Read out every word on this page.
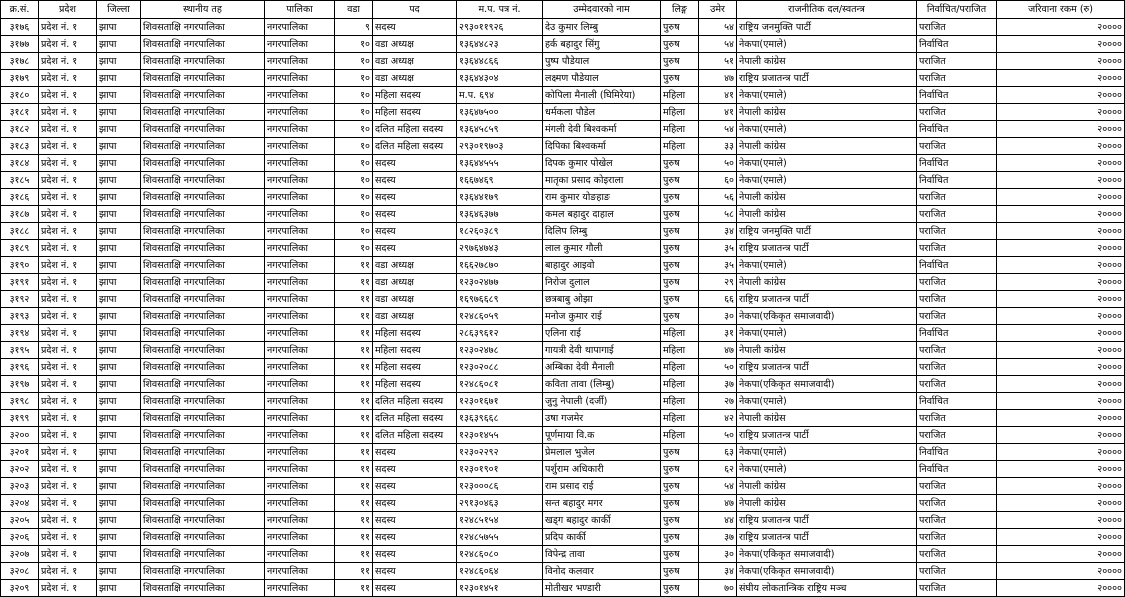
क्र.सं.	प्रदेश	जिल्ला	स्थानीय तह	पालिका	वडा	पद	म.प. पत्र नं.	उम्मेदवारको नाम	लिङ्ग	उमेर	राजनीतिक दल/स्वतन्त्र	निर्वाचित/पराजित	जरिवाना रकम (रु)
३१७६	प्रदेश नं. १	झापा	शिवसताक्षि नगरपालिका	नगरपालिका	९	सदस्य	२९३०११९२६	देउ कुमार लिम्बु	पुरुष	५४	राष्ट्रिय जनमुक्ति पार्टी	पराजित	२००००
३१७७	प्रदेश नं. १	झापा	शिवसताक्षि नगरपालिका	नगरपालिका	१०	वडा अध्यक्ष	१३६४४८२३	हर्क बहादुर सिंगु	पुरुष	५४	नेकपा(एमाले)	निर्वाचित	२००००
३१७८	प्रदेश नं. १	झापा	शिवसताक्षि नगरपालिका	नगरपालिका	१०	वडा अध्यक्ष	१३६४४८६६	पुष्प पौडेयाल	पुरुष	५१	नेपाली कांग्रेस	पराजित	२००००
३१७९	प्रदेश नं. १	झापा	शिवसताक्षि नगरपालिका	नगरपालिका	१०	वडा अध्यक्ष	१३६४४३०४	लक्ष्मण पौडेयाल	पुरुष	४७	राष्ट्रिय प्रजातन्त्र पार्टी	पराजित	२००००
३१८०	प्रदेश नं. १	झापा	शिवसताक्षि नगरपालिका	नगरपालिका	१०	महिला सदस्य	म.प. ६९४	कोपिला मैनाली (घिमिरेया)	महिला	४१	नेकपा(एमाले)	निर्वाचित	२००००
३१८१	प्रदेश नं. १	झापा	शिवसताक्षि नगरपालिका	नगरपालिका	१०	महिला सदस्य	१३६४७५००	धर्मकला पौडेल	महिला	४१	नेपाली कांग्रेस	पराजित	२००००
३१८२	प्रदेश नं. १	झापा	शिवसताक्षि नगरपालिका	नगरपालिका	१०	दलित महिला सदस्य	१३६४५८५९	मंगली देवी बिश्वकर्मा	महिला	५४	नेकपा(एमाले)	निर्वाचित	२००००
३१८३	प्रदेश नं. १	झापा	शिवसताक्षि नगरपालिका	नगरपालिका	१०	दलित महिला सदस्य	२९३०१९७०३	दिपिका बिश्वकर्मा	महिला	३३	नेपाली कांग्रेस	पराजित	२००००
३१८४	प्रदेश नं. १	झापा	शिवसताक्षि नगरपालिका	नगरपालिका	१०	सदस्य	१३६४४५५५	दिपक कुमार पोखेल	पुरुष	५०	नेकपा(एमाले)	निर्वाचित	२००००
३१८५	प्रदेश नं. १	झापा	शिवसताक्षि नगरपालिका	नगरपालिका	१०	सदस्य	१६६७४६९	मातृका प्रसाद कोइराला	पुरुष	६०	नेकपा(एमाले)	निर्वाचित	२००००
३१८६	प्रदेश नं. १	झापा	शिवसताक्षि नगरपालिका	नगरपालिका	१०	सदस्य	१३६४४१७९	राम कुमार योङहाङ	पुरुष	५६	नेपाली कांग्रेस	पराजित	२००००
३१८७	प्रदेश नं. १	झापा	शिवसताक्षि नगरपालिका	नगरपालिका	१०	सदस्य	१३६४६३७७	कमल बहादुर दाहाल	पुरुष	५८	नेपाली कांग्रेस	पराजित	२००००
३१८८	प्रदेश नं. १	झापा	शिवसताक्षि नगरपालिका	नगरपालिका	१०	सदस्य	१८२६०३८९	दिलिप लिम्बु	पुरुष	३४	राष्ट्रिय जनमुक्ति पार्टी	पराजित	२००००
३१८९	प्रदेश नं. १	झापा	शिवसताक्षि नगरपालिका	नगरपालिका	१०	सदस्य	२९७६४७४३	लाल कुमार गौली	पुरुष	३५	राष्ट्रिय प्रजातन्त्र पार्टी	पराजित	२००००
३१९०	प्रदेश नं. १	झापा	शिवसताक्षि नगरपालिका	नगरपालिका	११	वडा अध्यक्ष	१६६२७८७०	बाहादुर आइवो	पुरुष	३५	नेकपा(एमाले)	निर्वाचित	२००००
३१९१	प्रदेश नं. १	झापा	शिवसताक्षि नगरपालिका	नगरपालिका	११	वडा अध्यक्ष	१२३०२४७७	निरोज दुलाल	पुरुष	२९	नेपाली कांग्रेस	पराजित	२००००
३१९२	प्रदेश नं. १	झापा	शिवसताक्षि नगरपालिका	नगरपालिका	११	वडा अध्यक्ष	१६९७६६८९	छत्रबाबु ओझा	पुरुष	६६	राष्ट्रिय प्रजातन्त्र पार्टी	पराजित	२००००
३१९३	प्रदेश नं. १	झापा	शिवसताक्षि नगरपालिका	नगरपालिका	११	वडा अध्यक्ष	१२४८६०५९	मनोज कुमार राई	पुरुष	३०	नेकपा(एकिकृत समाजवादी)	पराजित	२००००
३१९४	प्रदेश नं. १	झापा	शिवसताक्षि नगरपालिका	नगरपालिका	११	महिला सदस्य	२८६३९६१२	एलिना राई	महिला	३१	नेकपा(एमाले)	निर्वाचित	२००००
३१९५	प्रदेश नं. १	झापा	शिवसताक्षि नगरपालिका	नगरपालिका	११	महिला सदस्य	१२३०२४७८	गायत्री देवी थापागाई	महिला	४७	नेपाली कांग्रेस	पराजित	२००००
३१९६	प्रदेश नं. १	झापा	शिवसताक्षि नगरपालिका	नगरपालिका	११	महिला सदस्य	१२३०२०८८	अम्बिका देवी मैनाली	महिला	५०	राष्ट्रिय प्रजातन्त्र पार्टी	पराजित	२००००
३१९७	प्रदेश नं. १	झापा	शिवसताक्षि नगरपालिका	नगरपालिका	११	महिला सदस्य	१२४८६०८१	कविता तावा (लिम्बु)	महिला	३७	नेकपा(एकिकृत समाजवादी)	पराजित	२००००
३१९८	प्रदेश नं. १	झापा	शिवसताक्षि नगरपालिका	नगरपालिका	११	दलित महिला सदस्य	१२३०१६७१	जुनु नेपाली (दर्जी)	महिला	२७	नेकपा(एमाले)	निर्वाचित	२००००
३१९९	प्रदेश नं. १	झापा	शिवसताक्षि नगरपालिका	नगरपालिका	११	दलित महिला सदस्य	१३६३९६६८	उषा गजमेर	महिला	४२	नेपाली कांग्रेस	पराजित	२००००
३२००	प्रदेश नं. १	झापा	शिवसताक्षि नगरपालिका	नगरपालिका	११	दलित महिला सदस्य	१२३०१४५५	पूर्णमाया वि.क	महिला	५०	राष्ट्रिय प्रजातन्त्र पार्टी	पराजित	२००००
३२०१	प्रदेश नं. १	झापा	शिवसताक्षि नगरपालिका	नगरपालिका	११	सदस्य	१२३०२२९२	प्रेमलाल भुजेल	पुरुष	६३	नेकपा(एमाले)	निर्वाचित	२००००
३२०२	प्रदेश नं. १	झापा	शिवसताक्षि नगरपालिका	नगरपालिका	११	सदस्य	१२३०१९०१	पर्शुराम अधिकारी	पुरुष	६२	नेकपा(एमाले)	निर्वाचित	२००००
३२०३	प्रदेश नं. १	झापा	शिवसताक्षि नगरपालिका	नगरपालिका	११	सदस्य	१२३०००८६	राम प्रसाद राई	पुरुष	५४	नेपाली कांग्रेस	पराजित	२००००
३२०४	प्रदेश नं. १	झापा	शिवसताक्षि नगरपालिका	नगरपालिका	११	सदस्य	२९१३०४६३	सन्त बहादुर मगर	पुरुष	४७	नेपाली कांग्रेस	पराजित	२००००
३२०५	प्रदेश नं. १	झापा	शिवसताक्षि नगरपालिका	नगरपालिका	११	सदस्य	१२४८५१५४	खड्ग बहादुर कार्की	पुरुष	४४	राष्ट्रिय प्रजातन्त्र पार्टी	पराजित	२००००
३२०६	प्रदेश नं. १	झापा	शिवसताक्षि नगरपालिका	नगरपालिका	११	सदस्य	१२४८५७५५	प्रदिप कार्की	पुरुष	३७	राष्ट्रिय प्रजातन्त्र पार्टी	पराजित	२००००
३२०७	प्रदेश नं. १	झापा	शिवसताक्षि नगरपालिका	नगरपालिका	११	सदस्य	१२४८६०८०	विपेन्द्र तावा	पुरुष	३०	नेकपा(एकिकृत समाजवादी)	पराजित	२००००
३२०८	प्रदेश नं. १	झापा	शिवसताक्षि नगरपालिका	नगरपालिका	११	सदस्य	१२४८६०६४	विनोद कलवार	पुरुष	३४	नेकपा(एकिकृत समाजवादी)	पराजित	२००००
३२०९	प्रदेश नं. १	झापा	शिवसताक्षि नगरपालिका	नगरपालिका	११	सदस्य	१२३०१४५१	मोतीखर भण्डारी	पुरुष	७०	संघीय लोकतान्त्रिक राष्ट्रिय मञ्च	पराजित	२००००
